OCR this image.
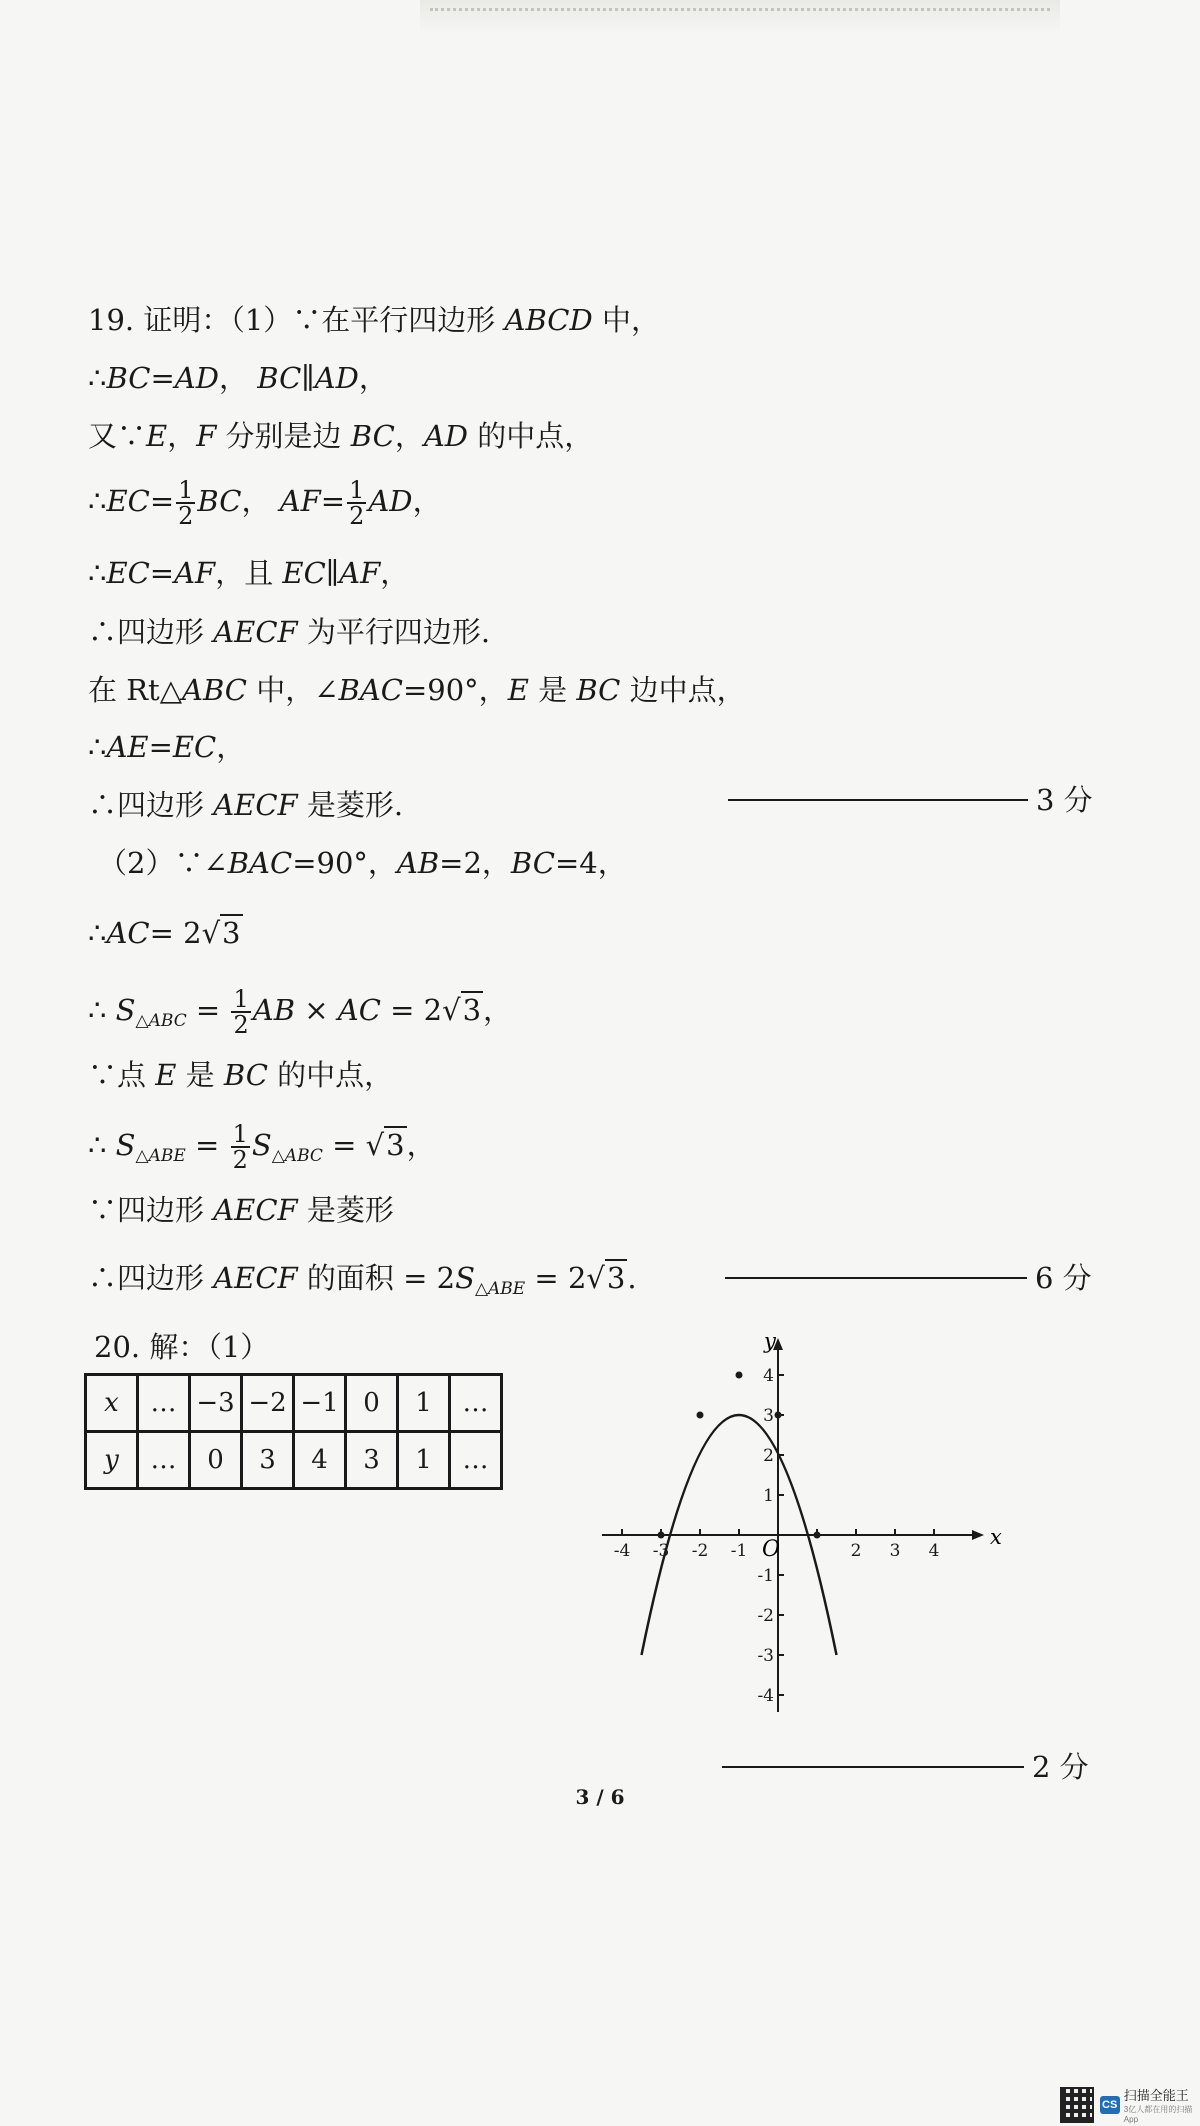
19. 证明：（1）∵在平行四边形 ABCD 中，
∴BC=AD， BC∥AD，
又∵E，F 分别是边 BC，AD 的中点，
∴EC= $\frac{1}{2}$ BC， $AF= \frac{1}{2}$ AD，
∴EC=AF，且 EC∥AF，
∴四边形 AECF 为平行四边形.
在 Rt△ABC 中，∠BAC=90°，E 是 BC 边中点，
∴AE=EC，
∴四边形 AECF 是菱形.	3 分
（2）∵∠BAC=90°，AB=2，BC=4，
∴AC= 2√3
∴ $S_{\triangle ABC} = \frac{1}{2}$ AB × AC = 2√3，
∵点 E 是 BC 的中点，
∴ $S_{\triangle ABE} = \frac{1}{2} S_{\triangle ABC} = √3$，
∵四边形 AECF 是菱形
∴四边形 AECF 的面积 = $2S_{\triangle ABE} = 2√3$.	6 分
20. 解：（1）
x	…	−3	−2	−1	0	1	…
y	…	0	3	4	3	1	…
-4 -3 -2 -1	2 3 4
x
O
4
3
2
1
-1
-2
-3
-4
y
2 分
3 / 6
CS
扫描全能王
3亿人都在用的扫描App
